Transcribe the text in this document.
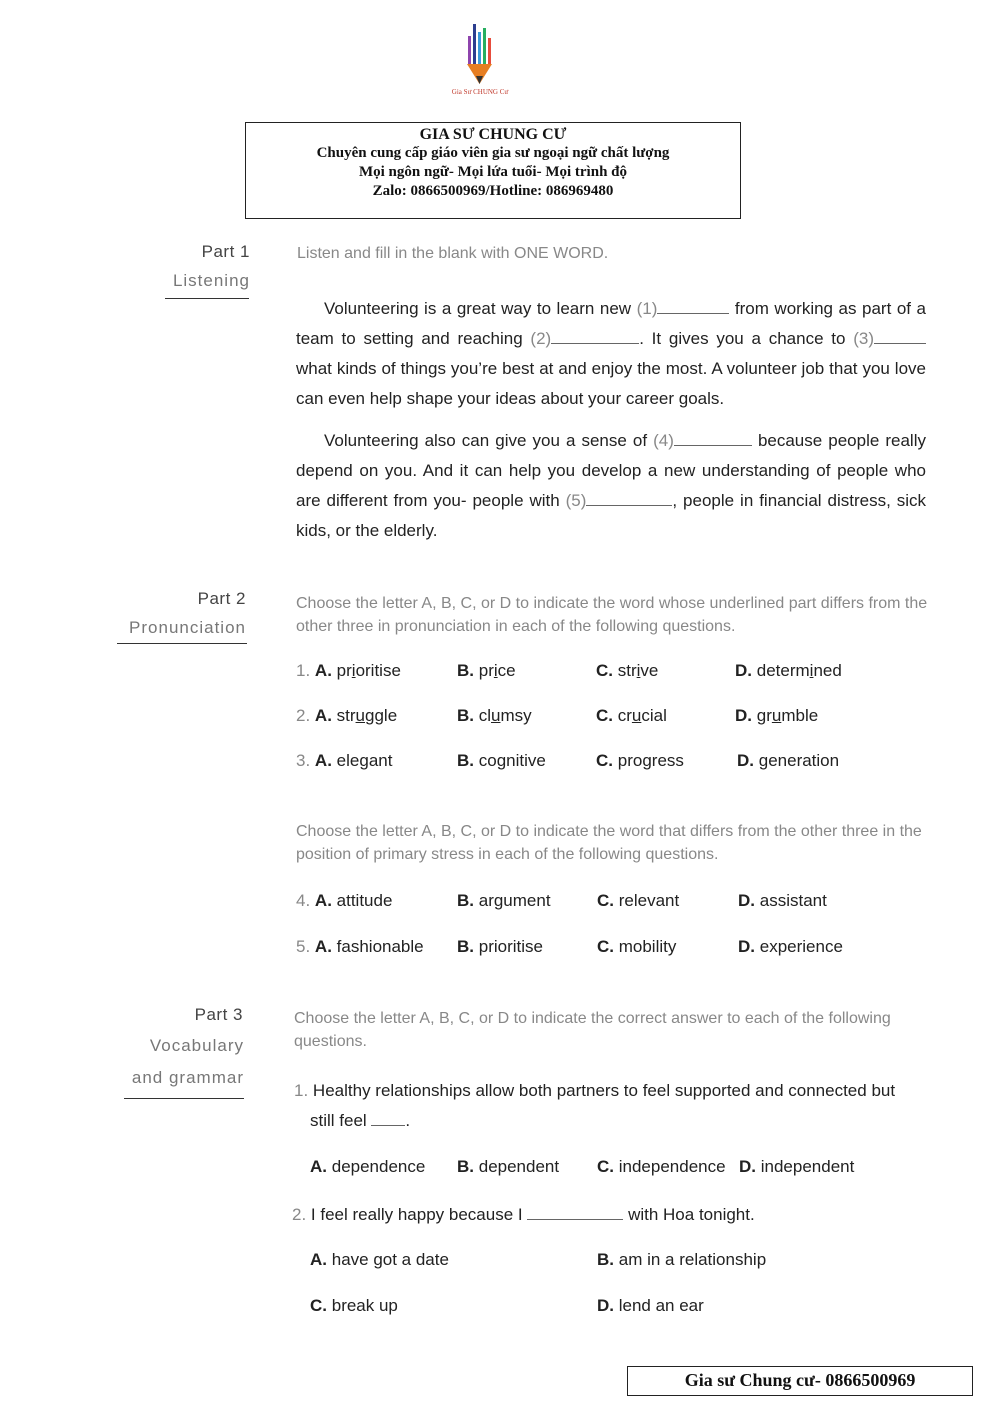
Gia Sư CHUNG Cư
GIA SƯ CHUNG CƯ
Chuyên cung cấp giáo viên gia sư ngoại ngữ chất lượng
Mọi ngôn ngữ- Mọi lứa tuổi- Mọi trình độ
Zalo: 0866500969/Hotline: 086969480
Part 1
Listening
Listen and fill in the blank with ONE WORD.

Volunteering is a great way to learn new (1)	from working as part of a team to setting and reaching (2)	. It gives you a chance to (3) what kinds of things you’re best at and enjoy the most. A volunteer job that you love can even help shape your ideas about your career goals.

Volunteering also can give you a sense of (4)	because people really depend on you. And it can help you develop a new understanding of people who are different from you- people with (5)	, people in financial distress, sick kids, or the elderly.

Part 2
Pronunciation
Choose the letter A, B, C, or D to indicate the word whose underlined part differs from the other three in pronunciation in each of the following questions.
1. A. prioritise	B. price	C. strive	D. determined
2. A. struggle	B. clumsy	C. crucial	D. grumble
3. A. elegant	B. cognitive	C. progress	D. generation
Choose the letter A, B, C, or D to indicate the word that differs from the other three in the position of primary stress in each of the following questions.
4. A. attitude	B. argument	C. relevant	D. assistant
5. A. fashionable B. prioritise	C. mobility	D. experience
Part 3
Vocabulary
and grammar
Choose the letter A, B, C, or D to indicate the correct answer to each of the following questions.
1. Healthy relationships allow both partners to feel supported and connected but
still feel .
A. dependence B. dependent C. independence D. independent
2. I feel really happy because I	with Hoa tonight.
A. have got a date	B. am in a relationship
C. break up	D. lend an ear
Gia sư Chung cư- 0866500969
